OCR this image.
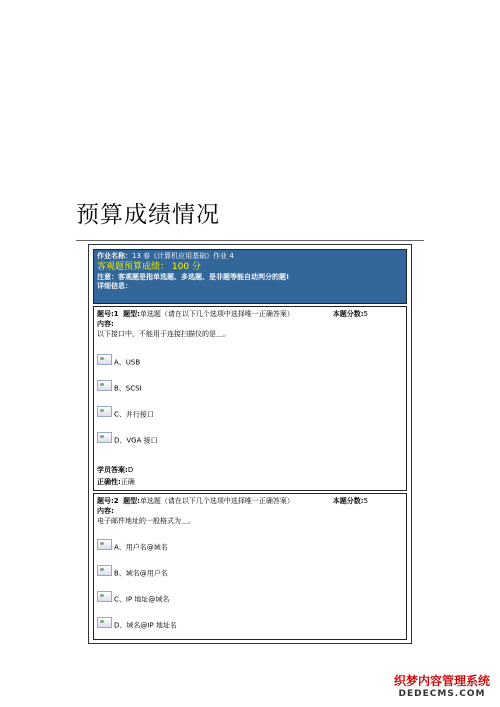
预算成绩情况
作业名称：13 春《计算机应用基础》作业 4
客观题预算成绩： 100 分
注意：客观题是指单选题、多选题、是非题等能自动判分的题!
详细信息：
题号:1 题型:单选题（请在以下几个选项中选择唯一正确答案）	本题分数:5
内容:
以下接口中，不能用于连接扫描仪的是＿。
A、USB
B、SCSI
C、并行接口
D、VGA 接口
学员答案:D
正确性:正确
题号:2 题型:单选题（请在以下几个选项中选择唯一正确答案）	本题分数:5
内容:
电子邮件地址的一般格式为＿。
A、用户名@域名
B、域名@用户名
C、IP 地址@域名
D、域名@IP 地址名
织梦内容管理系统
DEDECMS.COM
